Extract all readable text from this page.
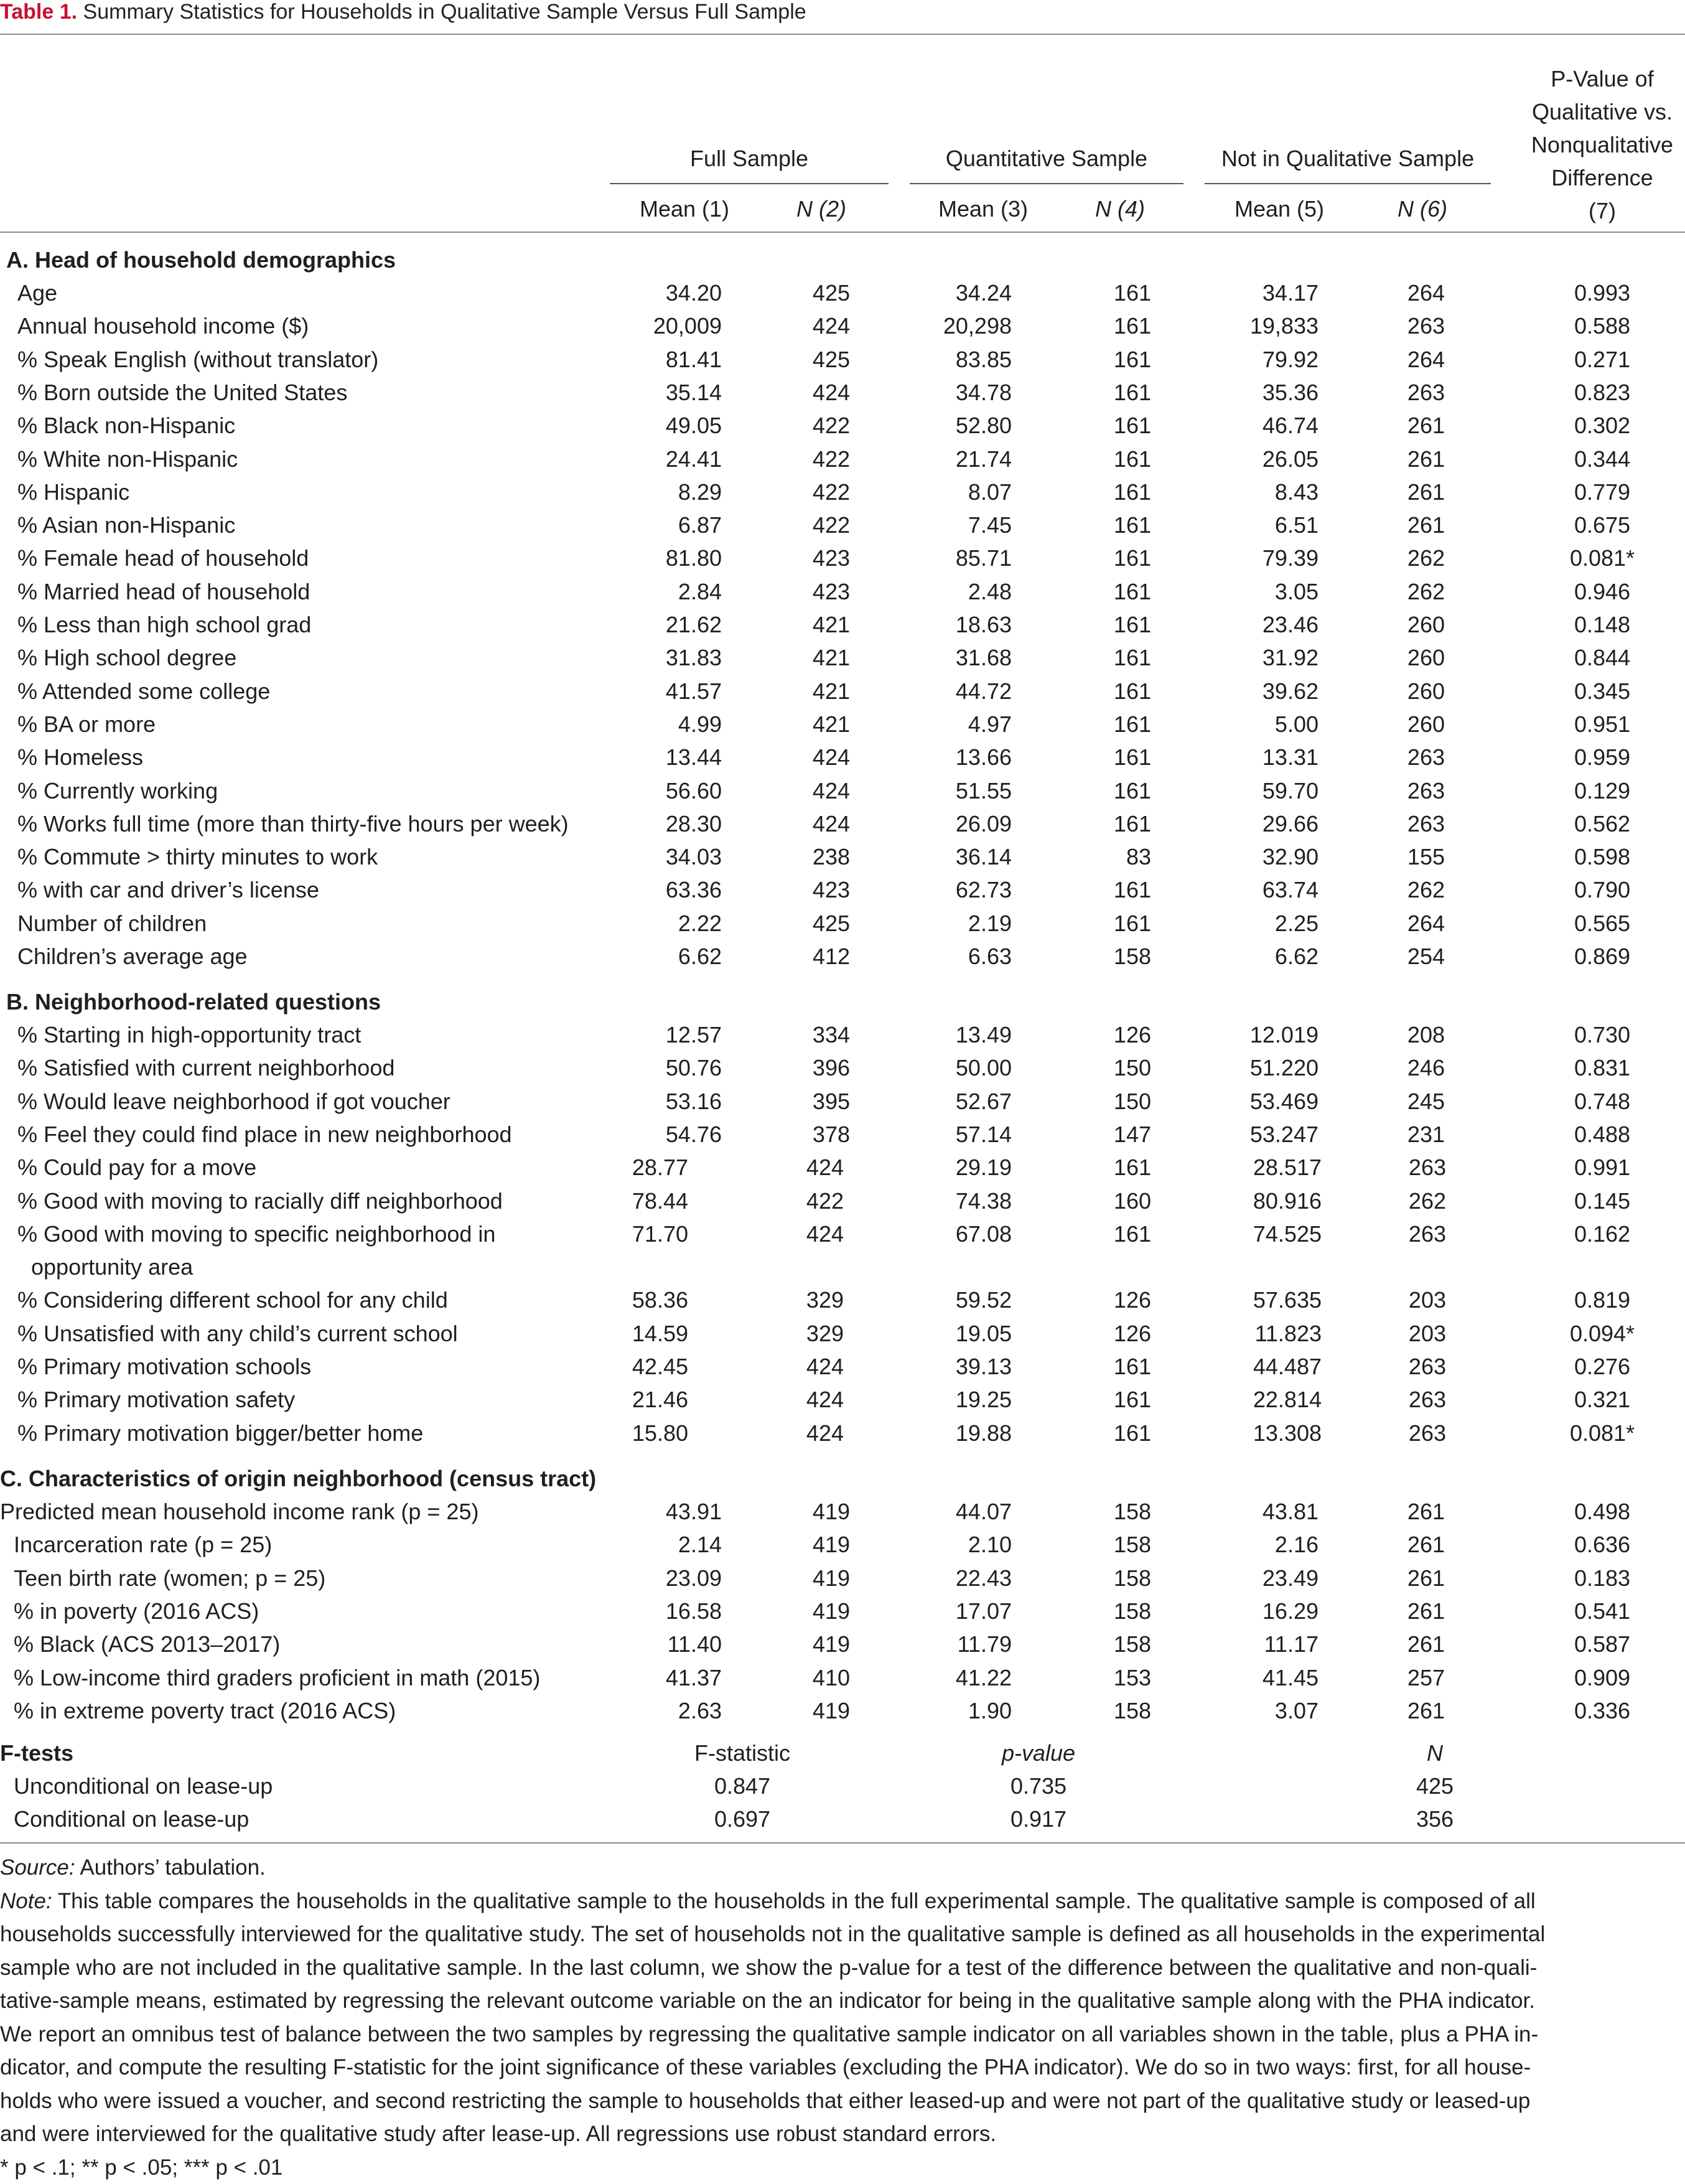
Table 1. Summary Statistics for Households in Qualitative Sample Versus Full Sample
Full Sample	Quantitative Sample	Not in Qualitative Sample
Mean (1)	N (2)	Mean (3)	N (4)	Mean (5)	N (6)
P-Value of
Qualitative vs.
Nonqualitative
Difference
(7)
A. Head of household demographics
Age	34.20	425	34.24	161	34.17	264	0.993
Annual household income ($)	20,009	424	20,298	161	19,833	263	0.588
% Speak English (without translator)	81.41	425	83.85	161	79.92	264	0.271
% Born outside the United States	35.14	424	34.78	161	35.36	263	0.823
% Black non-Hispanic	49.05	422	52.80	161	46.74	261	0.302
% White non-Hispanic	24.41	422	21.74	161	26.05	261	0.344
% Hispanic	8.29	422	8.07	161	8.43	261	0.779
% Asian non-Hispanic	6.87	422	7.45	161	6.51	261	0.675
% Female head of household	81.80	423	85.71	161	79.39	262	0.081*
% Married head of household	2.84	423	2.48	161	3.05	262	0.946
% Less than high school grad	21.62	421	18.63	161	23.46	260	0.148
% High school degree	31.83	421	31.68	161	31.92	260	0.844
% Attended some college	41.57	421	44.72	161	39.62	260	0.345
% BA or more	4.99	421	4.97	161	5.00	260	0.951
% Homeless	13.44	424	13.66	161	13.31	263	0.959
% Currently working	56.60	424	51.55	161	59.70	263	0.129
% Works full time (more than thirty-five hours per week)	28.30	424	26.09	161	29.66	263	0.562
% Commute > thirty minutes to work	34.03	238	36.14	83	32.90	155	0.598
% with car and driver’s license	63.36	423	62.73	161	63.74	262	0.790
Number of children	2.22	425	2.19	161	2.25	264	0.565
Children’s average age	6.62	412	6.63	158	6.62	254	0.869
B. Neighborhood-related questions
% Starting in high-opportunity tract	12.57	334	13.49	126	12.019	208	0.730
% Satisfied with current neighborhood	50.76	396	50.00	150	51.220	246	0.831
% Would leave neighborhood if got voucher	53.16	395	52.67	150	53.469	245	0.748
% Feel they could find place in new neighborhood	54.76	378	57.14	147	53.247	231	0.488
% Could pay for a move	28.77	424	29.19	161	28.517	263	0.991
% Good with moving to racially diff neighborhood	78.44	422	74.38	160	80.916	262	0.145
% Good with moving to specific neighborhood in	71.70	424	67.08	161	74.525	263	0.162
opportunity area
% Considering different school for any child	58.36	329	59.52	126	57.635	203	0.819
% Unsatisfied with any child’s current school	14.59	329	19.05	126	11.823	203	0.094*
% Primary motivation schools	42.45	424	39.13	161	44.487	263	0.276
% Primary motivation safety	21.46	424	19.25	161	22.814	263	0.321
% Primary motivation bigger/better home	15.80	424	19.88	161	13.308	263	0.081*
C. Characteristics of origin neighborhood (census tract)
Predicted mean household income rank (p = 25)	43.91	419	44.07	158	43.81	261	0.498
Incarceration rate (p = 25)	2.14	419	2.10	158	2.16	261	0.636
Teen birth rate (women; p = 25)	23.09	419	22.43	158	23.49	261	0.183
% in poverty (2016 ACS)	16.58	419	17.07	158	16.29	261	0.541
% Black (ACS 2013–2017)	11.40	419	11.79	158	11.17	261	0.587
% Low-income third graders proficient in math (2015)	41.37	410	41.22	153	41.45	257	0.909
% in extreme poverty tract (2016 ACS)	2.63	419	1.90	158	3.07	261	0.336
F-tests	F-statistic	p-value	N
Unconditional on lease-up	0.847	0.735	425
Conditional on lease-up	0.697	0.917	356
Source: Authors’ tabulation.
Note: This table compares the households in the qualitative sample to the households in the full experimental sample. The qualitative sample is composed of all
households successfully interviewed for the qualitative study. The set of households not in the qualitative sample is defined as all households in the experimental
sample who are not included in the qualitative sample. In the last column, we show the p-value for a test of the difference between the qualitative and non-quali-
tative-sample means, estimated by regressing the relevant outcome variable on the an indicator for being in the qualitative sample along with the PHA indicator.
We report an omnibus test of balance between the two samples by regressing the qualitative sample indicator on all variables shown in the table, plus a PHA in-
dicator, and compute the resulting F-statistic for the joint significance of these variables (excluding the PHA indicator). We do so in two ways: first, for all house-
holds who were issued a voucher, and second restricting the sample to households that either leased-up and were not part of the qualitative study or leased-up
and were interviewed for the qualitative study after lease-up. All regressions use robust standard errors.
* p < .1; ** p < .05; *** p < .01
